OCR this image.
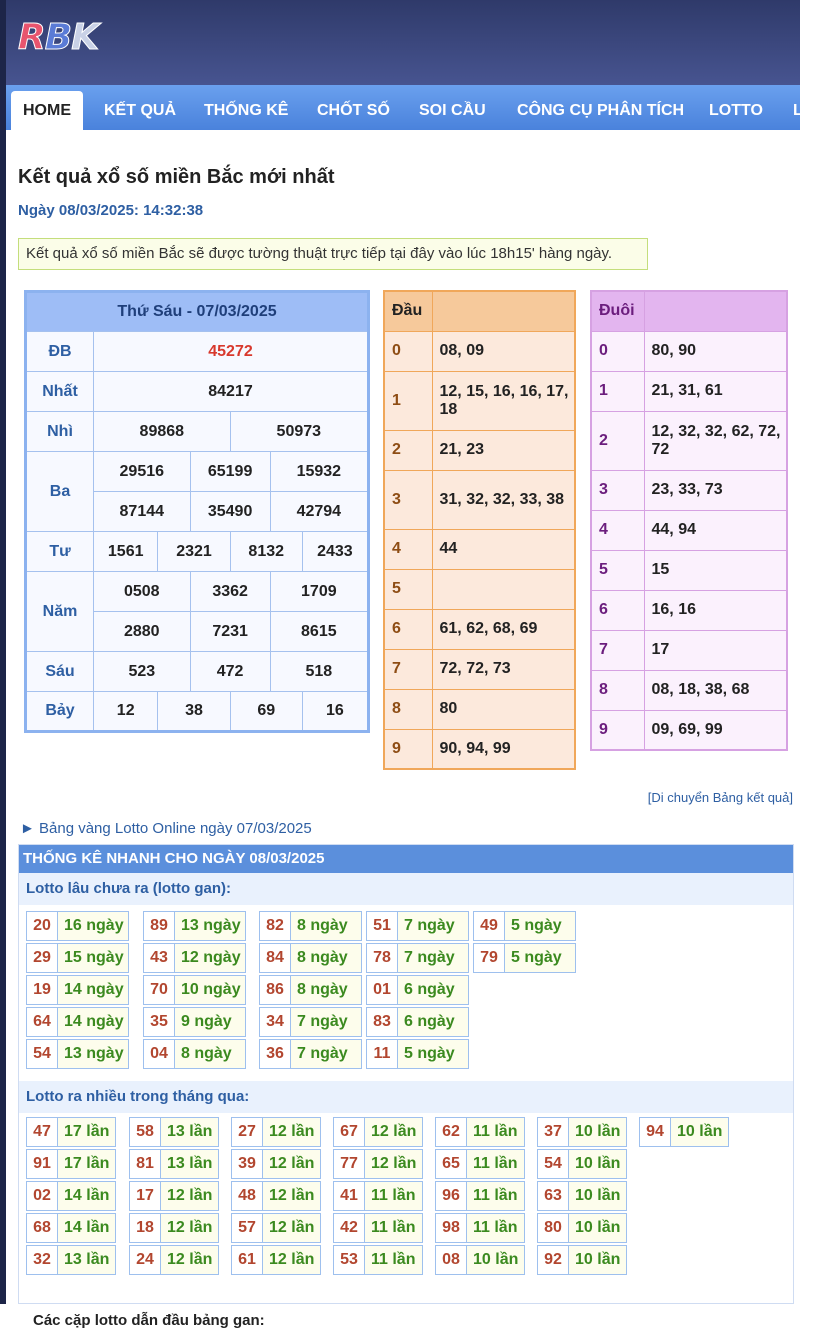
RBK
HOME	KẾT QUẢ	THỐNG KÊ	CHỐT SỐ	SOI CẦU	CÔNG CỤ PHÂN TÍCH	LOTTO	L
Kết quả xổ số miền Bắc mới nhất
Ngày 08/03/2025: 14:32:38
Kết quả xổ số miền Bắc sẽ được tường thuật trực tiếp tại đây vào lúc 18h15' hàng ngày.
Thứ Sáu - 07/03/2025						
ĐB	45272					
Nhất	84217					
Nhì	89868			50973		
Ba	29516		65199		15932	
	87144		35490		42794	
Tư	1561	2321		8132		2433
Năm	0508		3362		1709	
	2880		7231		8615	
Sáu	523		472		518	
Bảy	12	38		69		16
Đầu	
0	08, 09
1	12, 15, 16, 16, 17, 18
2	21, 23
3	31, 32, 32, 33, 38
4	44
5	
6	61, 62, 68, 69
7	72, 72, 73
8	80
9	90, 94, 99
Đuôi	
0	80, 90
1	21, 31, 61
2	12, 32, 32, 62, 72, 72
3	23, 33, 73
4	44, 94
5	15
6	16, 16
7	17
8	08, 18, 38, 68
9	09, 69, 99
[Di chuyển Bảng kết quả]
► Bảng vàng Lotto Online ngày 07/03/2025
THỐNG KÊ NHANH CHO NGÀY 08/03/2025
Lotto lâu chưa ra (lotto gan):
20 16 ngày
29 15 ngày
19 14 ngày
64 14 ngày
54 13 ngày
89 13 ngày
43 12 ngày
70 10 ngày
35 9 ngày
04 8 ngày
82 8 ngày
84 8 ngày
86 8 ngày
34 7 ngày
36 7 ngày
51 7 ngày
78 7 ngày
01 6 ngày
83 6 ngày
11 5 ngày
49 5 ngày
79 5 ngày
Lotto ra nhiều trong tháng qua:
47 17 lần
91 17 lần
02 14 lần
68 14 lần
32 13 lần
58 13 lần
81 13 lần
17 12 lần
18 12 lần
24 12 lần
27 12 lần
39 12 lần
48 12 lần
57 12 lần
61 12 lần
67 12 lần
77 12 lần
41 11 lần
42 11 lần
53 11 lần
62 11 lần
65 11 lần
96 11 lần
98 11 lần
08 10 lần
37 10 lần
54 10 lần
63 10 lần
80 10 lần
92 10 lần
94 10 lần
Các cặp lotto dẫn đầu bảng gan:
